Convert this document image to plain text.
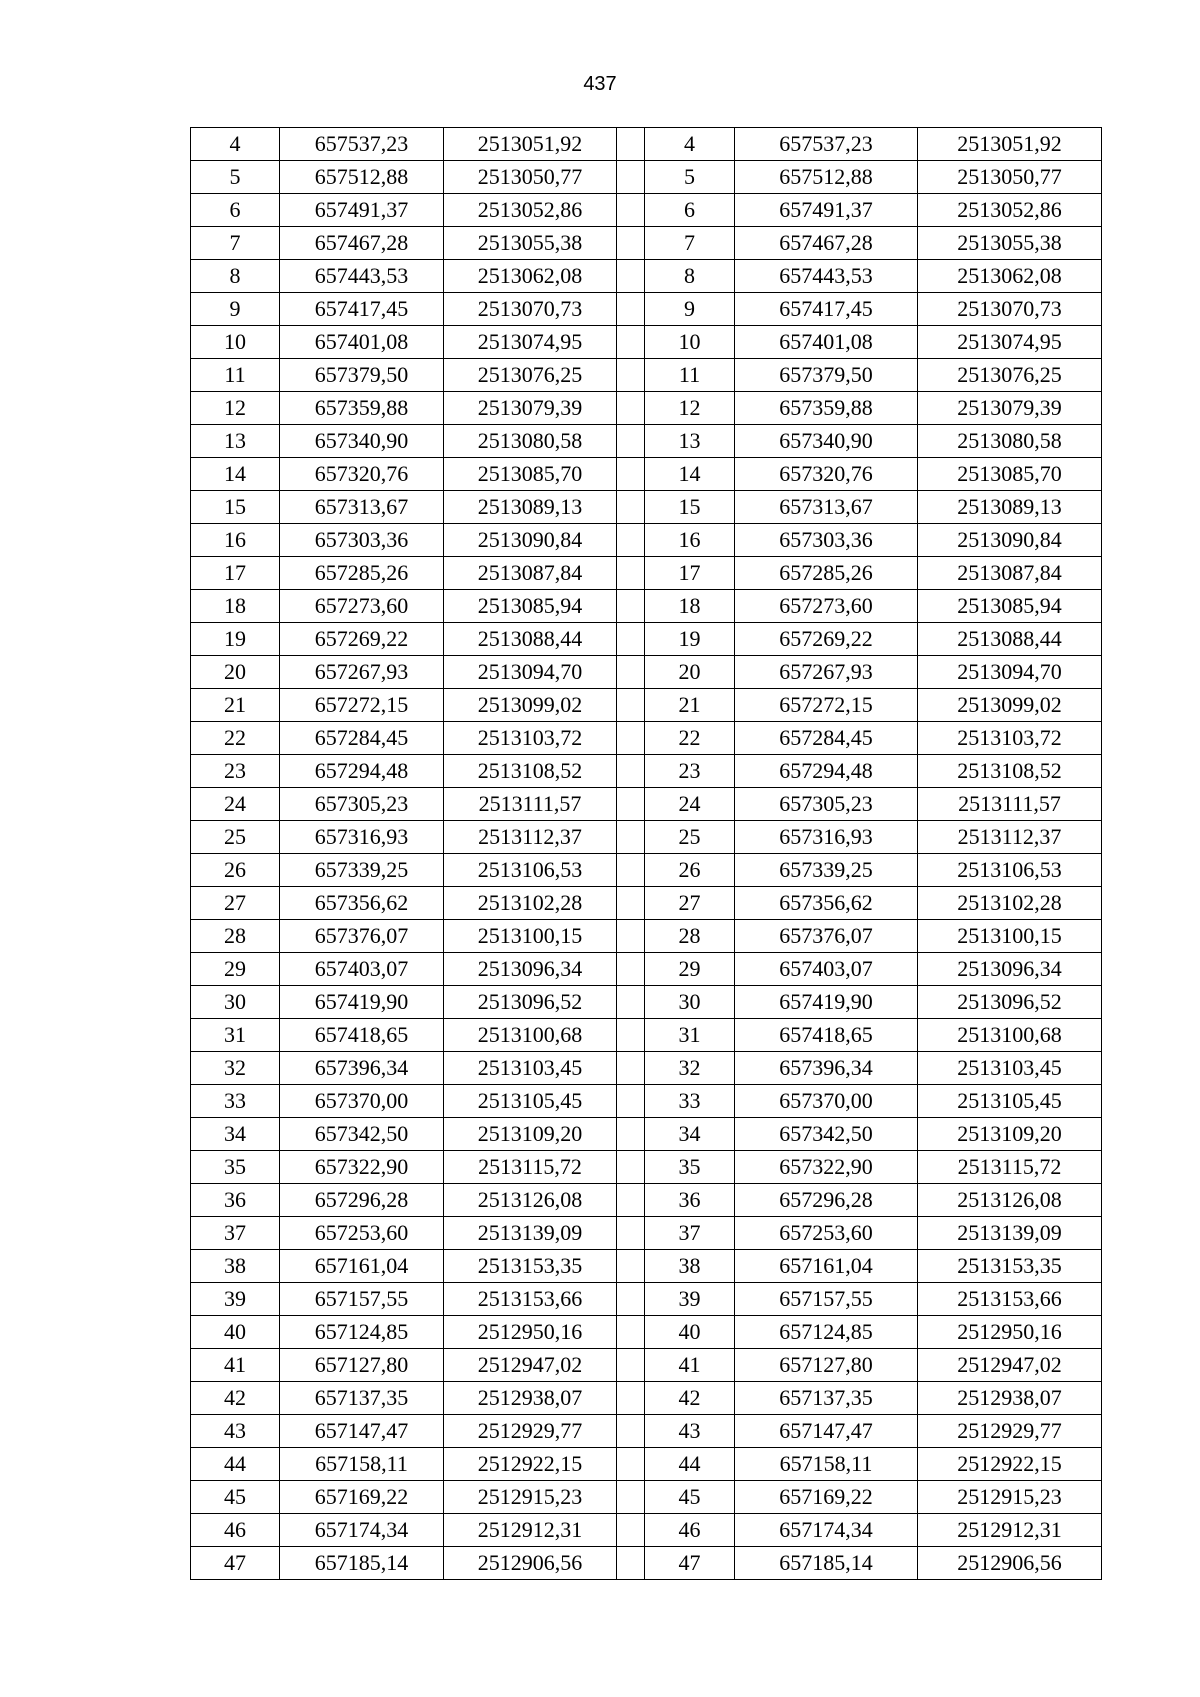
437
4	657537,23	2513051,92		4	657537,23	2513051,92
5	657512,88	2513050,77		5	657512,88	2513050,77
6	657491,37	2513052,86		6	657491,37	2513052,86
7	657467,28	2513055,38		7	657467,28	2513055,38
8	657443,53	2513062,08		8	657443,53	2513062,08
9	657417,45	2513070,73		9	657417,45	2513070,73
10	657401,08	2513074,95		10	657401,08	2513074,95
11	657379,50	2513076,25		11	657379,50	2513076,25
12	657359,88	2513079,39		12	657359,88	2513079,39
13	657340,90	2513080,58		13	657340,90	2513080,58
14	657320,76	2513085,70		14	657320,76	2513085,70
15	657313,67	2513089,13		15	657313,67	2513089,13
16	657303,36	2513090,84		16	657303,36	2513090,84
17	657285,26	2513087,84		17	657285,26	2513087,84
18	657273,60	2513085,94		18	657273,60	2513085,94
19	657269,22	2513088,44		19	657269,22	2513088,44
20	657267,93	2513094,70		20	657267,93	2513094,70
21	657272,15	2513099,02		21	657272,15	2513099,02
22	657284,45	2513103,72		22	657284,45	2513103,72
23	657294,48	2513108,52		23	657294,48	2513108,52
24	657305,23	2513111,57		24	657305,23	2513111,57
25	657316,93	2513112,37		25	657316,93	2513112,37
26	657339,25	2513106,53		26	657339,25	2513106,53
27	657356,62	2513102,28		27	657356,62	2513102,28
28	657376,07	2513100,15		28	657376,07	2513100,15
29	657403,07	2513096,34		29	657403,07	2513096,34
30	657419,90	2513096,52		30	657419,90	2513096,52
31	657418,65	2513100,68		31	657418,65	2513100,68
32	657396,34	2513103,45		32	657396,34	2513103,45
33	657370,00	2513105,45		33	657370,00	2513105,45
34	657342,50	2513109,20		34	657342,50	2513109,20
35	657322,90	2513115,72		35	657322,90	2513115,72
36	657296,28	2513126,08		36	657296,28	2513126,08
37	657253,60	2513139,09		37	657253,60	2513139,09
38	657161,04	2513153,35		38	657161,04	2513153,35
39	657157,55	2513153,66		39	657157,55	2513153,66
40	657124,85	2512950,16		40	657124,85	2512950,16
41	657127,80	2512947,02		41	657127,80	2512947,02
42	657137,35	2512938,07		42	657137,35	2512938,07
43	657147,47	2512929,77		43	657147,47	2512929,77
44	657158,11	2512922,15		44	657158,11	2512922,15
45	657169,22	2512915,23		45	657169,22	2512915,23
46	657174,34	2512912,31		46	657174,34	2512912,31
47	657185,14	2512906,56		47	657185,14	2512906,56
